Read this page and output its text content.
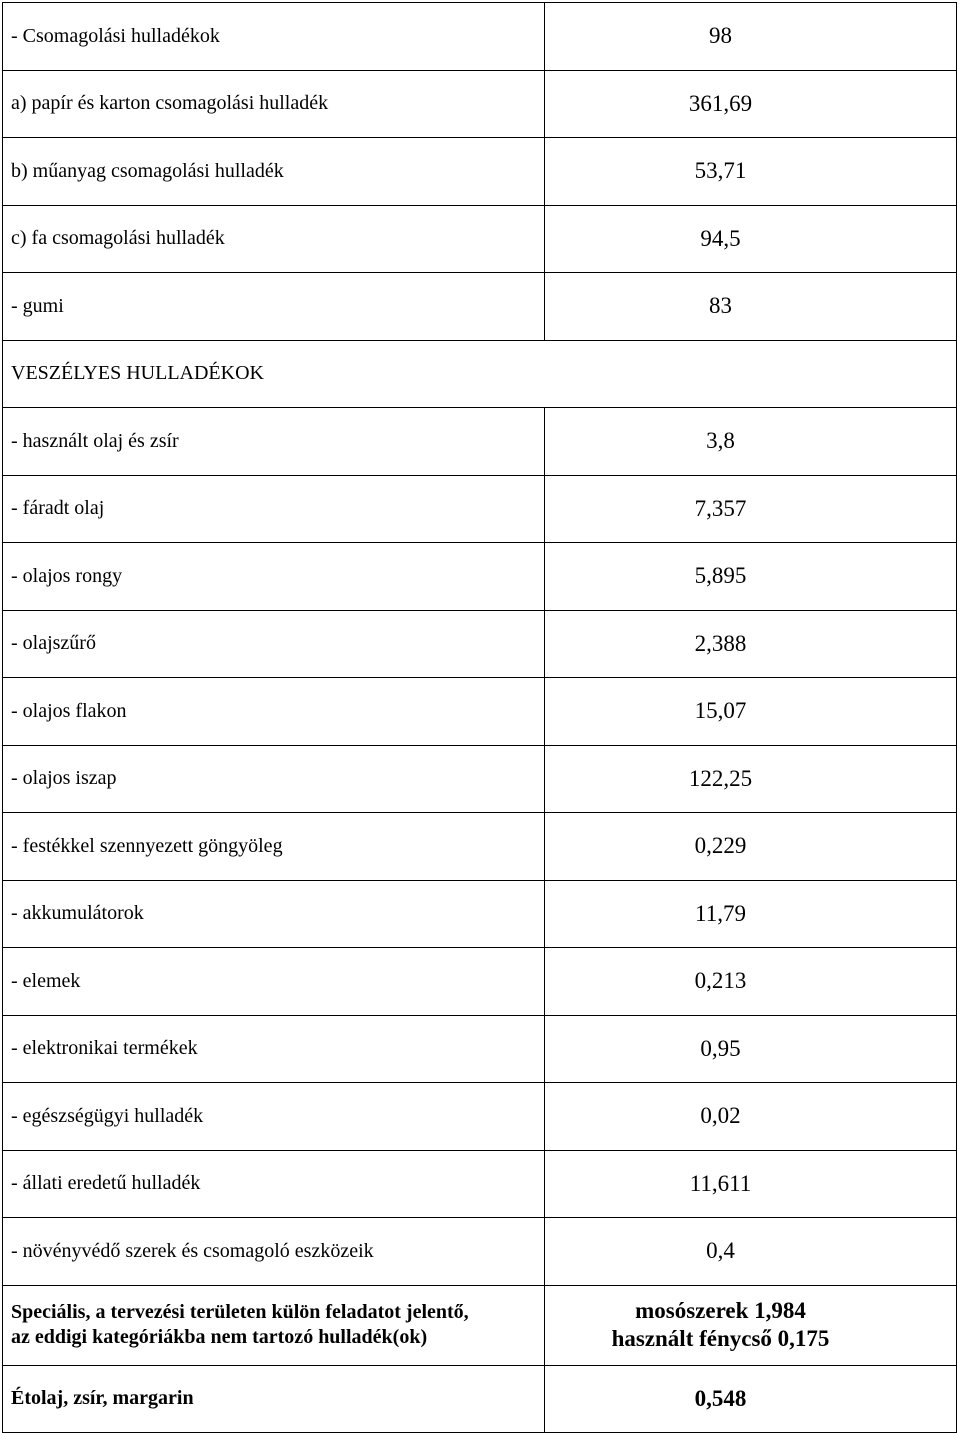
- Csomagolási hulladékok	98
a) papír és karton csomagolási hulladék	361,69
b) műanyag csomagolási hulladék	53,71
c) fa csomagolási hulladék	94,5
- gumi	83
VESZÉLYES HULLADÉKOK	
- használt olaj és zsír	3,8
- fáradt olaj	7,357
- olajos rongy	5,895
- olajszűrő	2,388
- olajos flakon	15,07
- olajos iszap	122,25
- festékkel szennyezett göngyöleg	0,229
- akkumulátorok	11,79
- elemek	0,213
- elektronikai termékek	0,95
- egészségügyi hulladék	0,02
- állati eredetű hulladék	11,611
- növényvédő szerek és csomagoló eszközeik	0,4

Speciális, a tervezési területen külön feladatot jelentő,
az eddigi kategóriákba nem tartozó hulladék(ok)	mosószerek 1,984
használt fénycső 0,175

Étolaj, zsír, margarin	0,548
